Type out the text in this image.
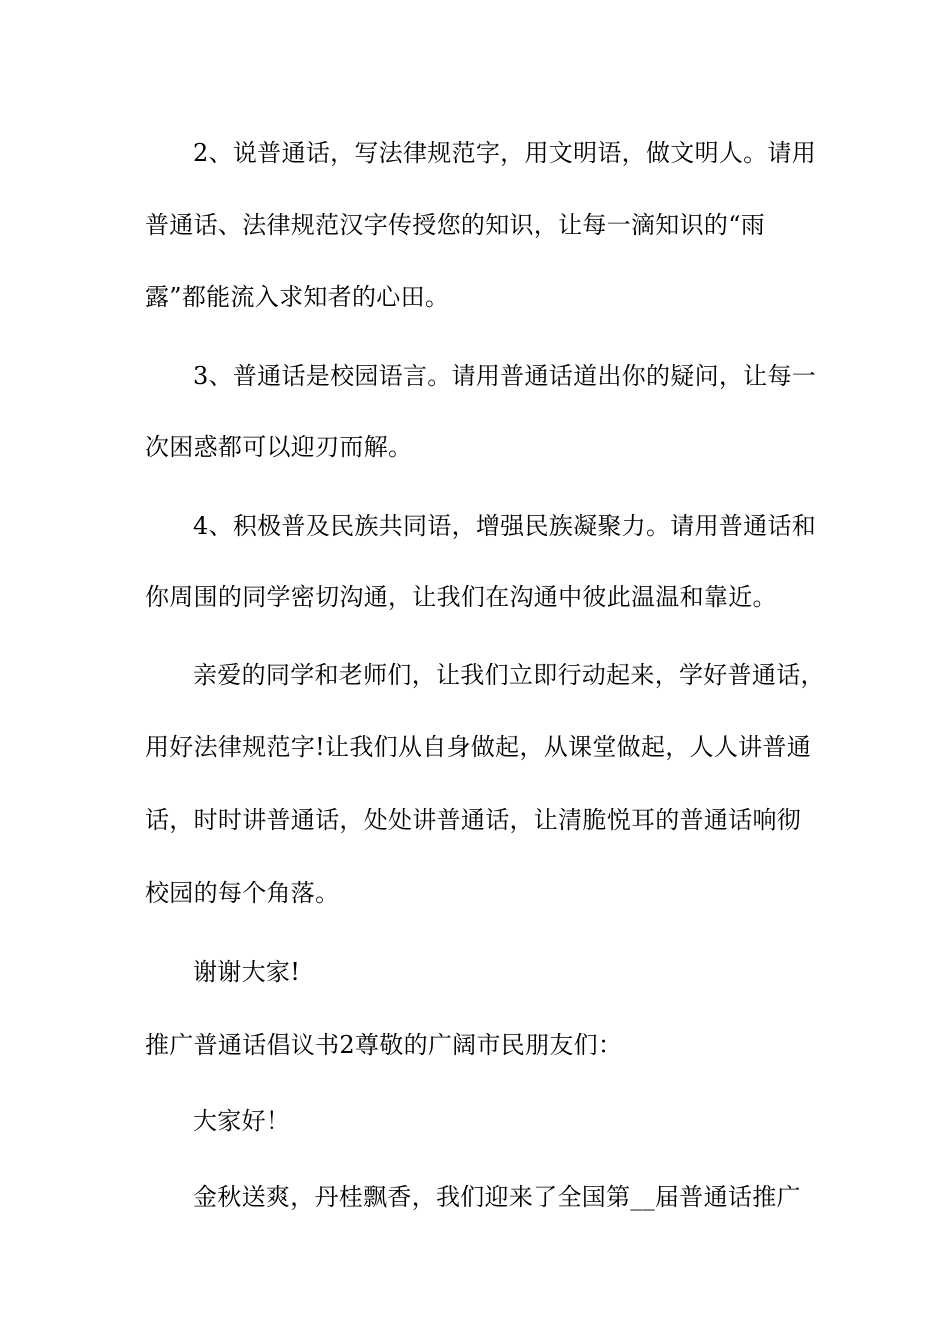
2、说普通话，写法律规范字，用文明语，做文明人。请用
普通话、法律规范汉字传授您的知识，让每一滴知识的“雨
露”都能流入求知者的心田。
3、普通话是校园语言。请用普通话道出你的疑问，让每一
次困惑都可以迎刃而解。
4、积极普及民族共同语，增强民族凝聚力。请用普通话和
你周围的同学密切沟通，让我们在沟通中彼此温温和靠近。
亲爱的同学和老师们，让我们立即行动起来，学好普通话，
用好法律规范字!让我们从自身做起，从课堂做起，人人讲普通
话，时时讲普通话，处处讲普通话，让清脆悦耳的普通话响彻
校园的每个角落。
谢谢大家!
推广普通话倡议书2尊敬的广阔市民朋友们：
大家好！
金秋送爽，丹桂飘香，我们迎来了全国第__届普通话推广
